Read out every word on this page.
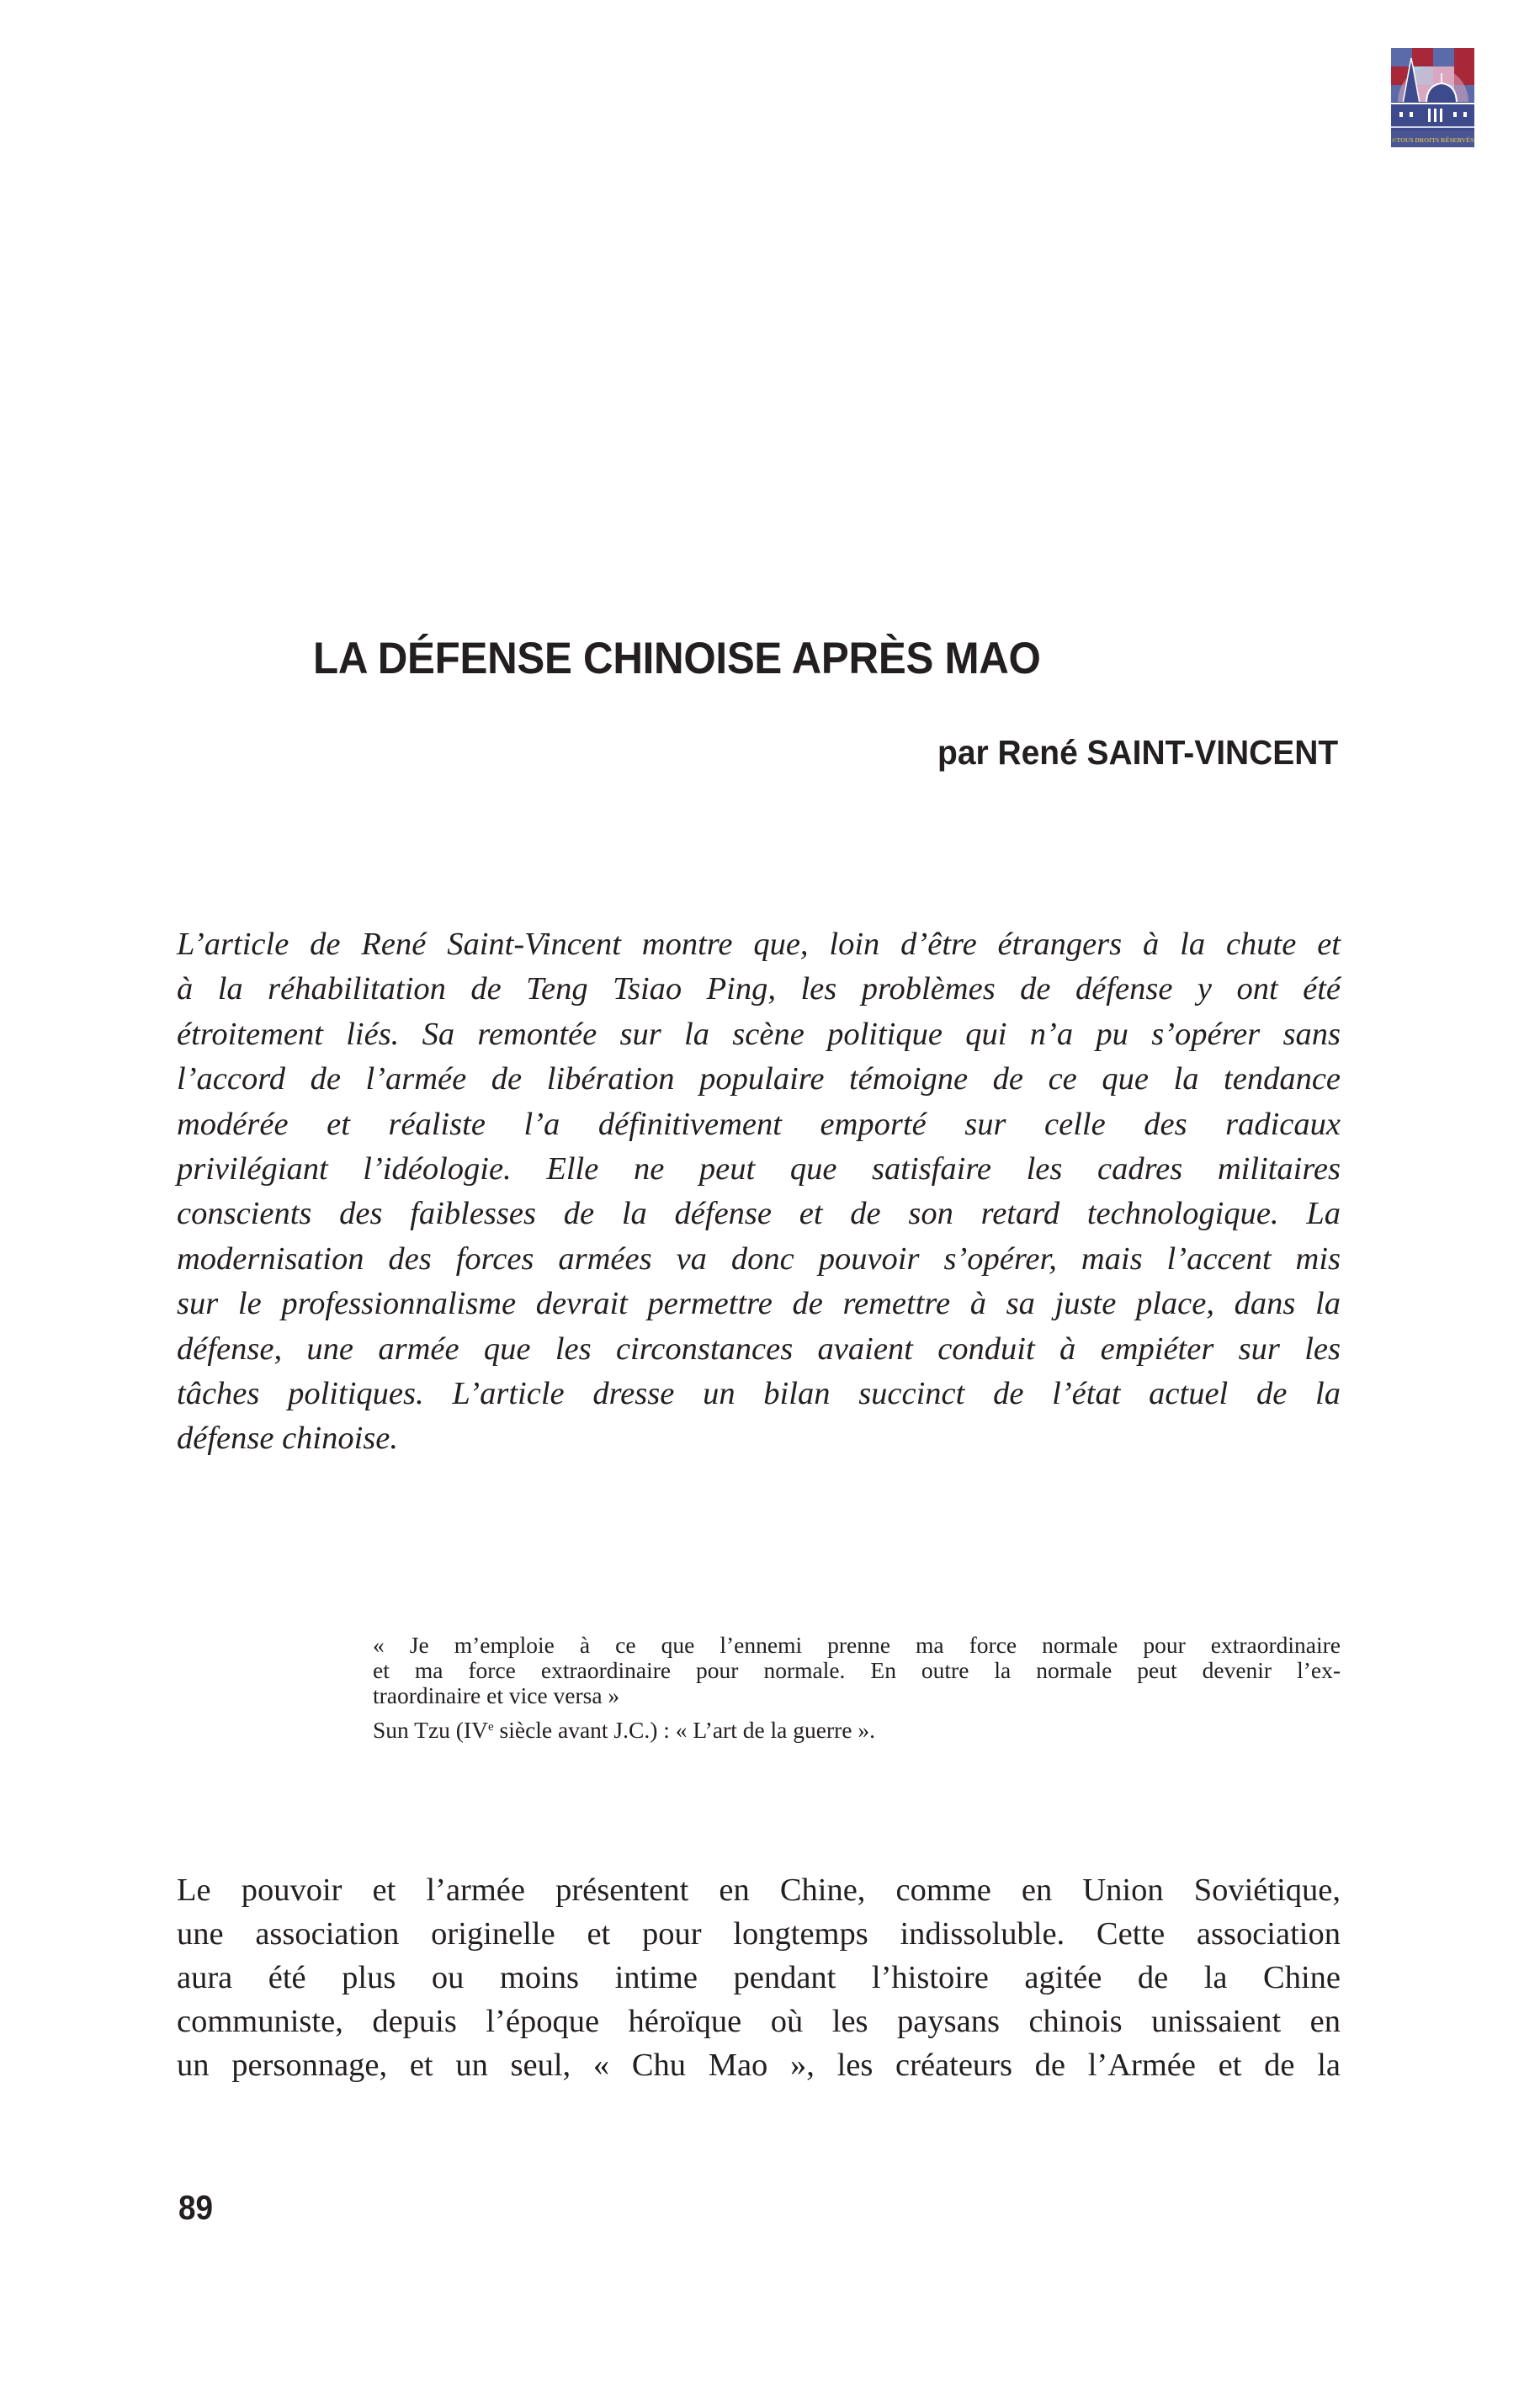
©TOUS DROITS RÉSERVÉS
LA DÉFENSE CHINOISE APRÈS MAO
par René SAINT-VINCENT
L’article de René Saint-Vincent montre que, loin d’être étrangers à la chute et
à la réhabilitation de Teng Tsiao Ping, les problèmes de défense y ont été
étroitement liés. Sa remontée sur la scène politique qui n’a pu s’opérer sans
l’accord de l’armée de libération populaire témoigne de ce que la tendance
modérée et réaliste l’a définitivement emporté sur celle des radicaux
privilégiant l’idéologie. Elle ne peut que satisfaire les cadres militaires
conscients des faiblesses de la défense et de son retard technologique. La
modernisation des forces armées va donc pouvoir s’opérer, mais l’accent mis
sur le professionnalisme devrait permettre de remettre à sa juste place, dans la
défense, une armée que les circonstances avaient conduit à empiéter sur les
tâches politiques. L’article dresse un bilan succinct de l’état actuel de la
défense chinoise.
« Je m’emploie à ce que l’ennemi prenne ma force normale pour extraordinaire
et ma force extraordinaire pour normale. En outre la normale peut devenir l’ex-
traordinaire et vice versa »
Sun Tzu (IVe siècle avant J.C.) : « L’art de la guerre ».
Le pouvoir et l’armée présentent en Chine, comme en Union Soviétique,
une association originelle et pour longtemps indissoluble. Cette association
aura été plus ou moins intime pendant l’histoire agitée de la Chine
communiste, depuis l’époque héroïque où les paysans chinois unissaient en
un personnage, et un seul, « Chu Mao », les créateurs de l’Armée et de la
89
